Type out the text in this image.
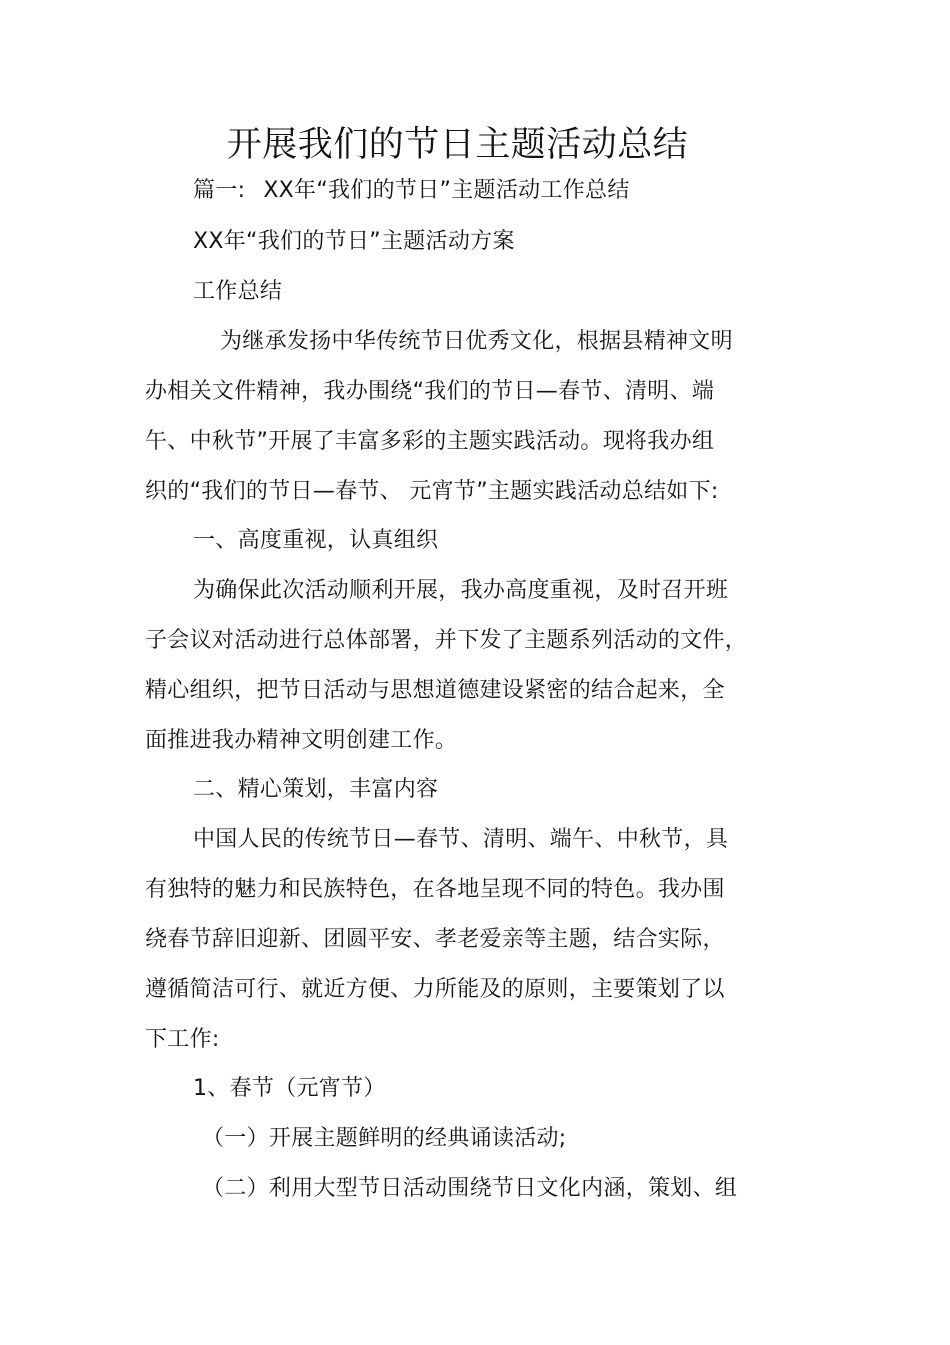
开展我们的节日主题活动总结
篇一: XX年“我们的节日”主题活动工作总结
XX年“我们的节日”主题活动方案
工作总结
为继承发扬中华传统节日优秀文化，根据县精神文明
办相关文件精神，我办围绕“我们的节日—春节、清明、端
午、中秋节”开展了丰富多彩的主题实践活动。现将我办组
织的“我们的节日—春节、 元宵节”主题实践活动总结如下:
一、高度重视，认真组织
为确保此次活动顺利开展，我办高度重视，及时召开班
子会议对活动进行总体部署，并下发了主题系列活动的文件，
精心组织，把节日活动与思想道德建设紧密的结合起来，全
面推进我办精神文明创建工作。
二、精心策划，丰富内容
中国人民的传统节日—春节、清明、端午、中秋节，具
有独特的魅力和民族特色，在各地呈现不同的特色。我办围
绕春节辞旧迎新、团圆平安、孝老爱亲等主题，结合实际，
遵循简洁可行、就近方便、力所能及的原则，主要策划了以
下工作:
1、春节（元宵节）
（一）开展主题鲜明的经典诵读活动;
（二）利用大型节日活动围绕节日文化内涵，策划、组
